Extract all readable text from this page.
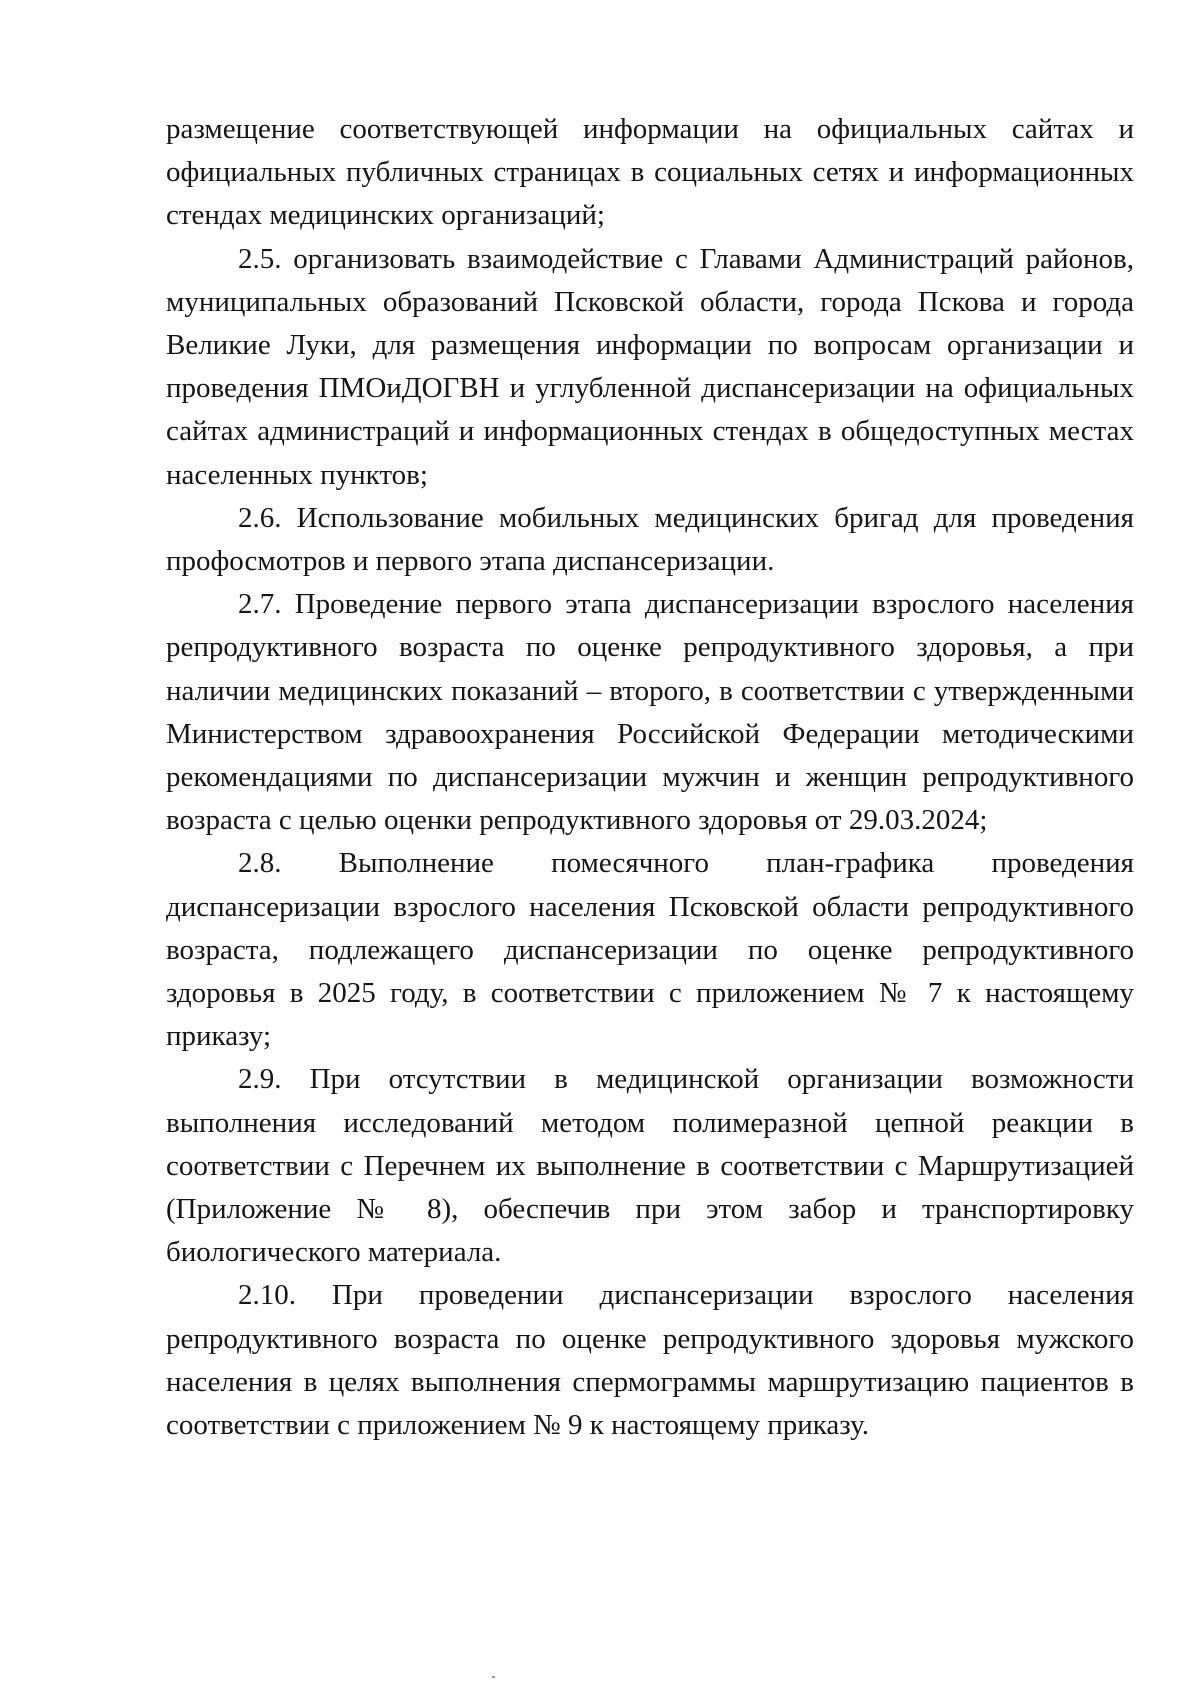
размещение соответствующей информации на официальных сайтах и официальных публичных страницах в социальных сетях и информационных стендах медицинских организаций;

2.5. организовать взаимодействие с Главами Администраций районов, муниципальных образований Псковской области, города Пскова и города Великие Луки, для размещения информации по вопросам организации и проведения ПМОиДОГВН и углубленной диспансеризации на официальных сайтах администраций и информационных стендах в общедоступных местах населенных пунктов;

2.6. Использование мобильных медицинских бригад для проведения профосмотров и первого этапа диспансеризации.

2.7. Проведение первого этапа диспансеризации взрослого населения репродуктивного возраста по оценке репродуктивного здоровья, а при наличии медицинских показаний – второго, в соответствии с утвержденными Министерством здравоохранения Российской Федерации методическими рекомендациями по диспансеризации мужчин и женщин репродуктивного возраста с целью оценки репродуктивного здоровья от 29.03.2024;

2.8. Выполнение помесячного план-графика проведения диспансеризации взрослого населения Псковской области репродуктивного возраста, подлежащего диспансеризации по оценке репродуктивного здоровья в 2025 году, в соответствии с приложением № 7 к настоящему приказу;

2.9. При отсутствии в медицинской организации возможности выполнения исследований методом полимеразной цепной реакции в соответствии с Перечнем их выполнение в соответствии с Маршрутизацией (Приложение № 8), обеспечив при этом забор и транспортировку биологического материала.

2.10. При проведении диспансеризации взрослого населения репродуктивного возраста по оценке репродуктивного здоровья мужского населения в целях выполнения спермограммы маршрутизацию пациентов в соответствии с приложением № 9 к настоящему приказу.
